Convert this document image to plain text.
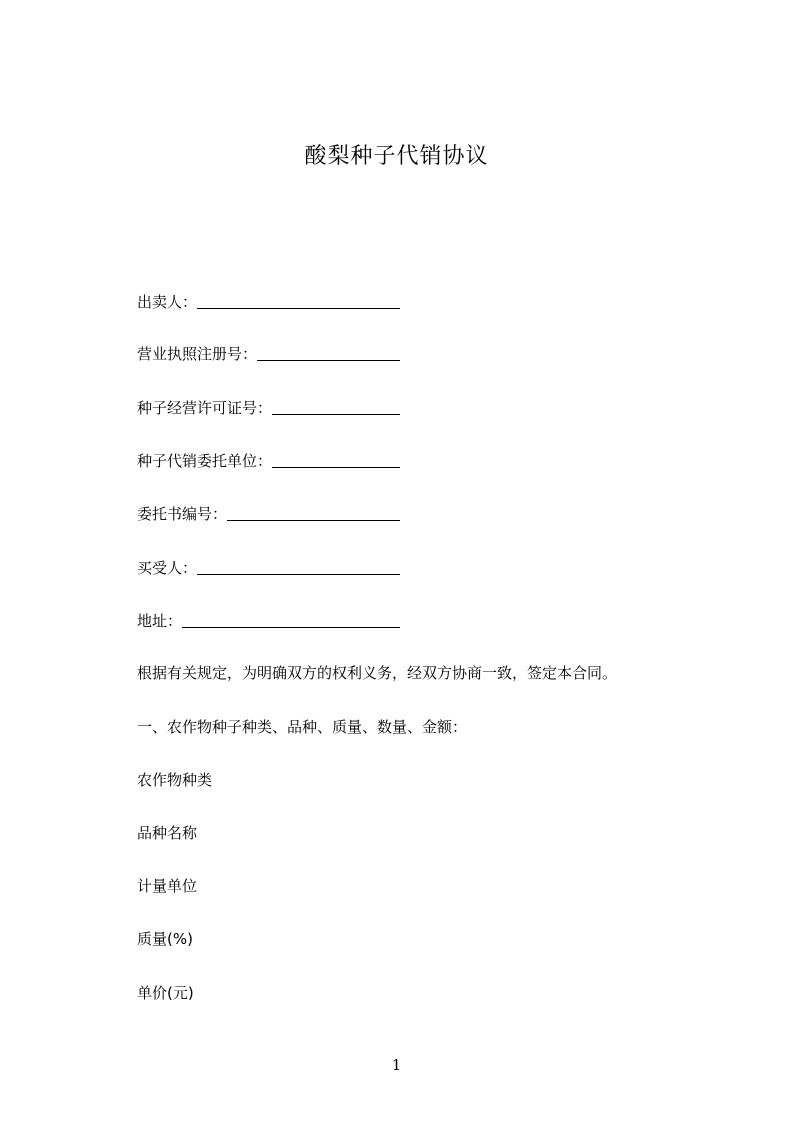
酸梨种子代销协议
出卖人：
营业执照注册号：
种子经营许可证号：
种子代销委托单位：
委托书编号：
买受人：
地址：
根据有关规定，为明确双方的权利义务，经双方协商一致，签定本合同。
一、农作物种子种类、品种、质量、数量、金额：
农作物种类
品种名称
计量单位
质量(%)
单价(元)
1
